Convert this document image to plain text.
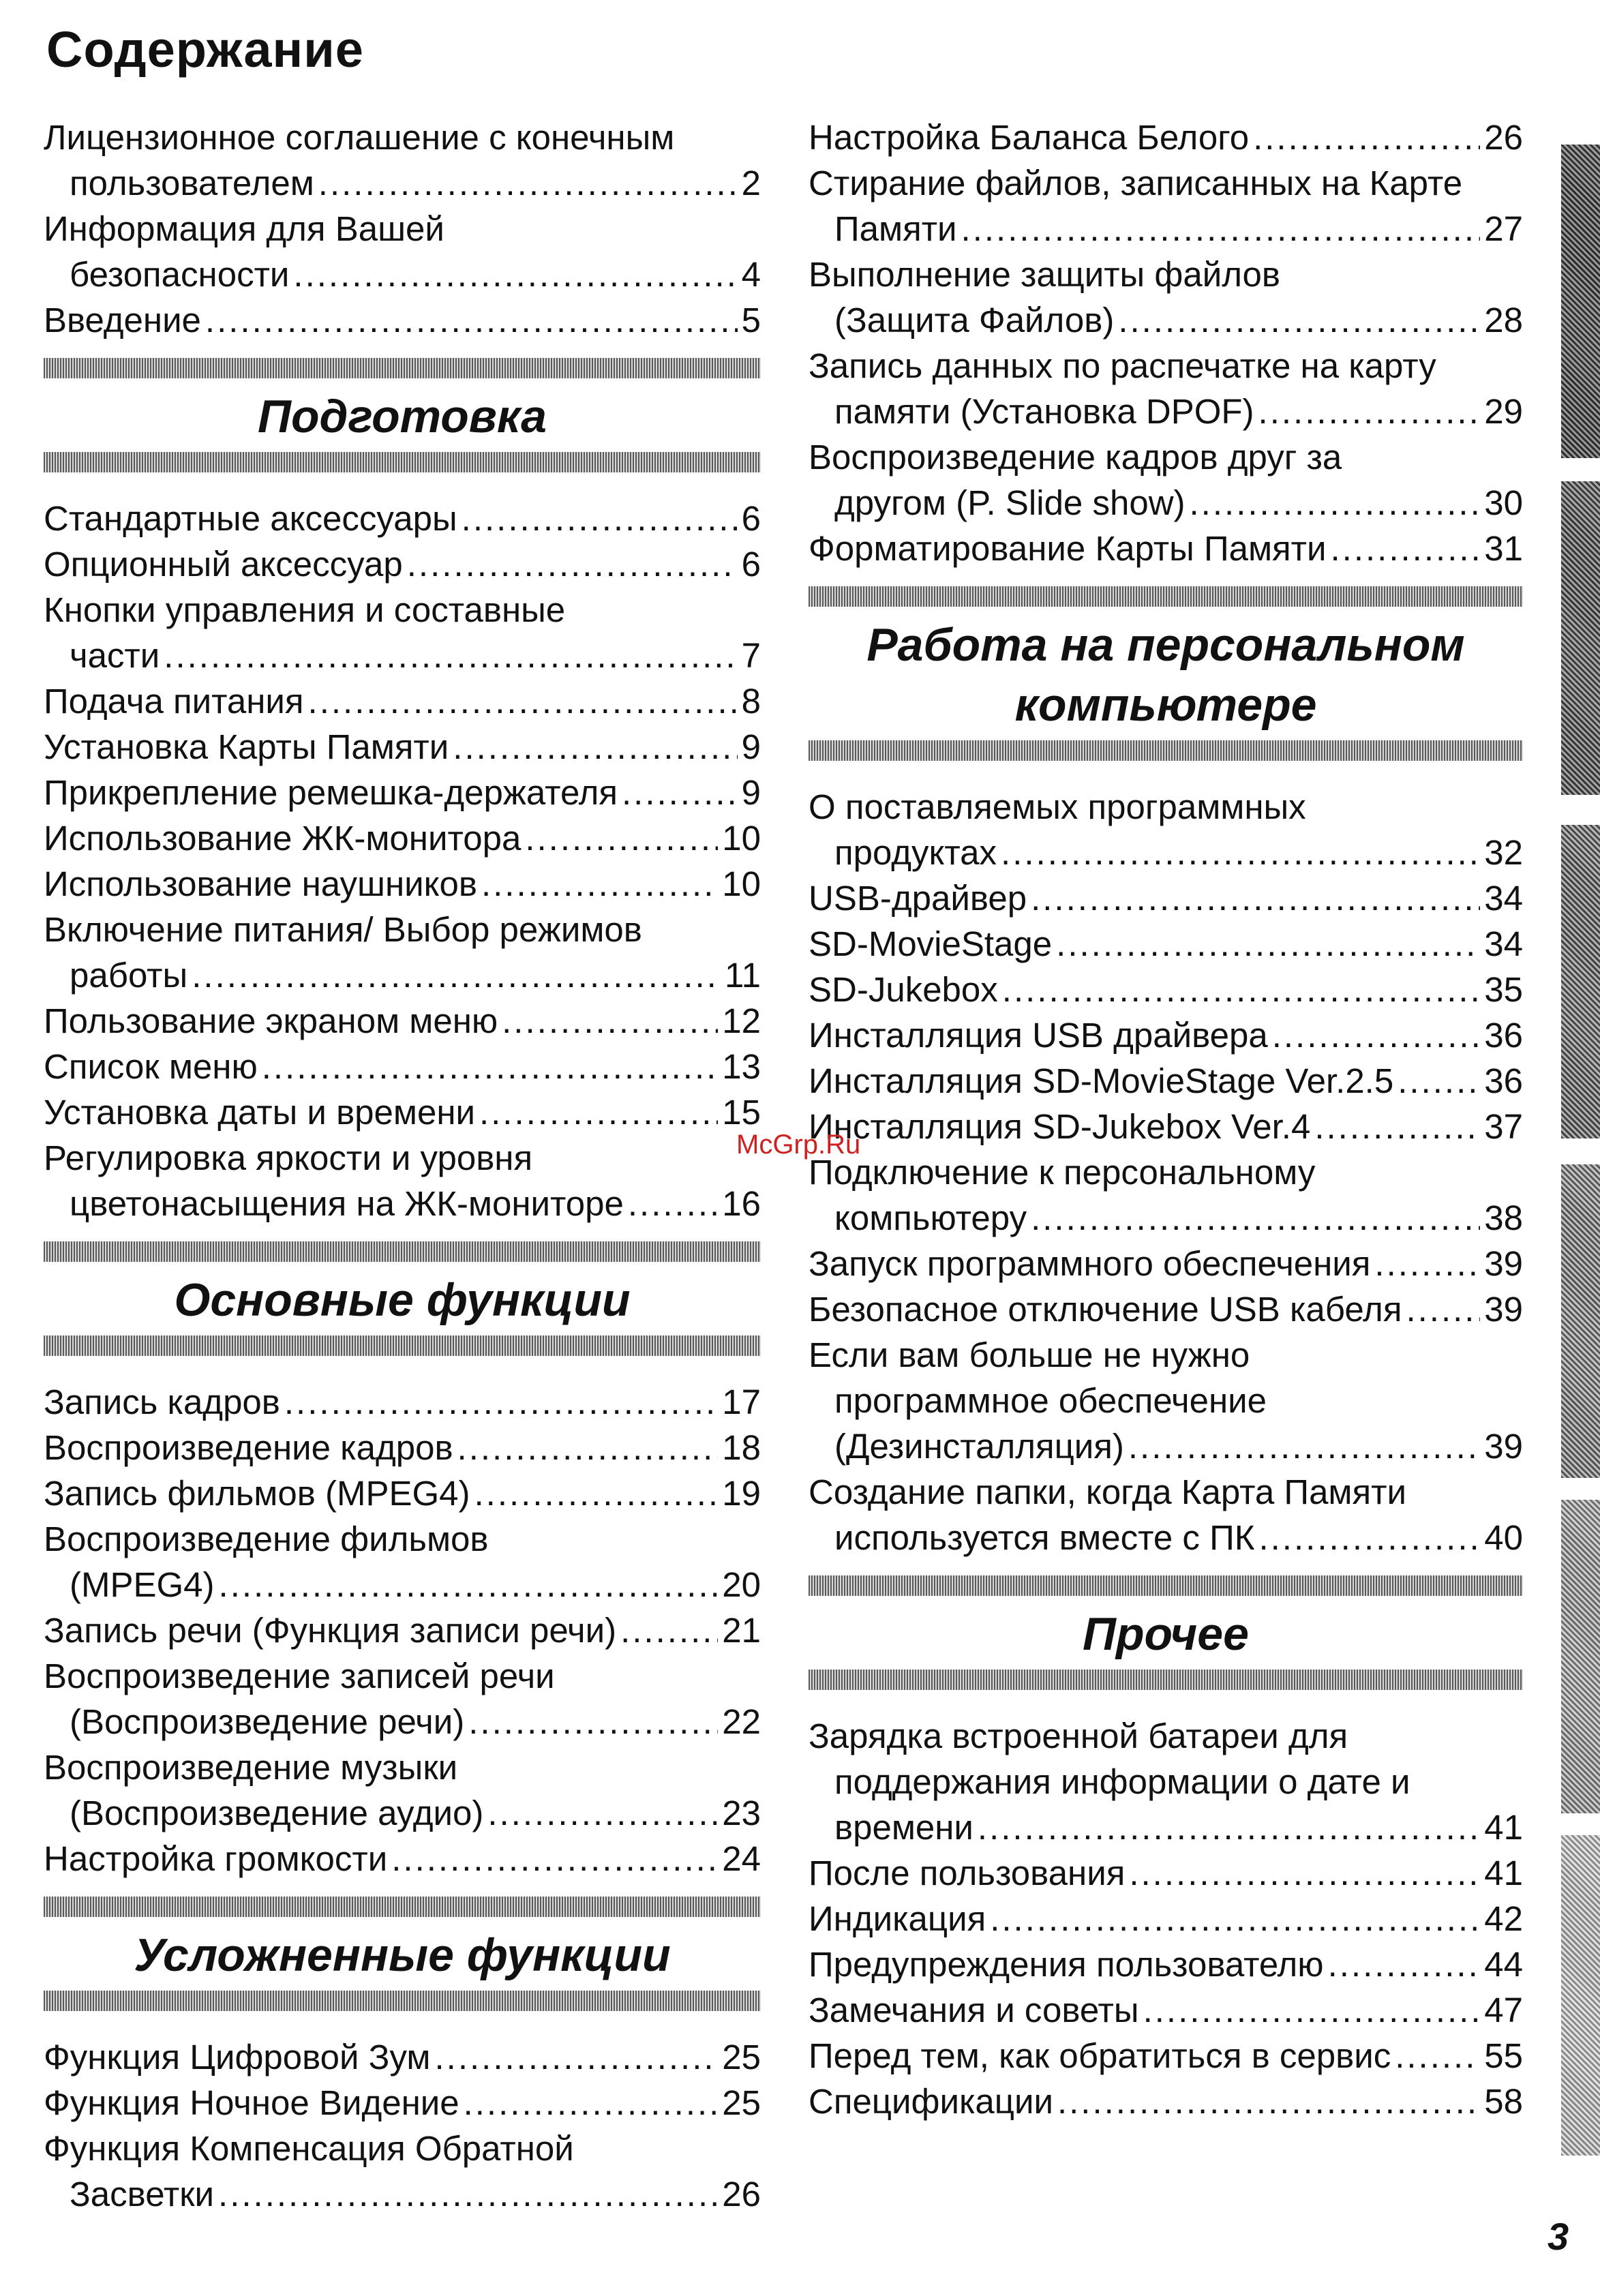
Содержание
Лицензионное соглашение с конечным
пользователем .....	2
Информация для Вашей
безопасности .....	4
Введение .....	5
Подготовка
Стандартные аксессуары .....	6
Опционный аксессуар .....	6
Кнопки управления и составные
части .....	7
Подача питания .....	8
Установка Карты Памяти .....	9
Прикрепление ремешка-держателя .....	9
Использование ЖК-монитора .....	10
Использование наушников .....	10
Включение питания/ Выбор режимов
работы .....	11
Пользование экраном меню .....	12
Список меню .....	13
Установка даты и времени .....	15
Регулировка яркости и уровня
цветонасыщения на ЖК-мониторе .....	16
Основные функции
Запись кадров .....	17
Воспроизведение кадров .....	18
Запись фильмов (MPEG4) .....	19
Воспроизведение фильмов
(MPEG4) .....	20
Запись речи (Функция записи речи) .....	21
Воспроизведение записей речи
(Воспроизведение речи) .....	22
Воспроизведение музыки
(Воспроизведение аудио) .....	23
Настройка громкости .....	24
Усложненные функции
Функция Цифровой Зум .....	25
Функция Ночное Видение .....	25
Функция Компенсация Обратной
Засветки .....	26
Настройка Баланса Белого .....	26
Стирание файлов, записанных на Карте
Памяти .....	27
Выполнение защиты файлов
(Защита Файлов) .....	28
Запись данных по распечатке на карту
памяти (Установка DPOF) .....	29
Воспроизведение кадров друг за
другом (P. Slide show) .....	30
Форматирование Карты Памяти .....	31
Работа на персональном компьютере
О поставляемых программных
продуктах .....	32
USB-драйвер .....	34
SD-MovieStage .....	34
SD-Jukebox .....	35
Инсталляция USB драйвера .....	36
Инсталляция SD-MovieStage Ver.2.5 .....	36
Инсталляция SD-Jukebox Ver.4 .....	37
Подключение к персональному
компьютеру .....	38
Запуск программного обеспечения .....	39
Безопасное отключение USB кабеля ..... 39
Если вам больше не нужно
программное обеспечение
(Дезинсталляция) .....	39
Создание папки, когда Карта Памяти
используется вместе с ПК .....	40
Прочее
Зарядка встроенной батареи для
поддержания информации о дате и
времени .....	41
После пользования .....	41
Индикация .....	42
Предупреждения пользователю .....	44
Замечания и советы .....	47
Перед тем, как обратиться в сервис .....	55
Спецификации .....	58
McGrp.Ru
3
